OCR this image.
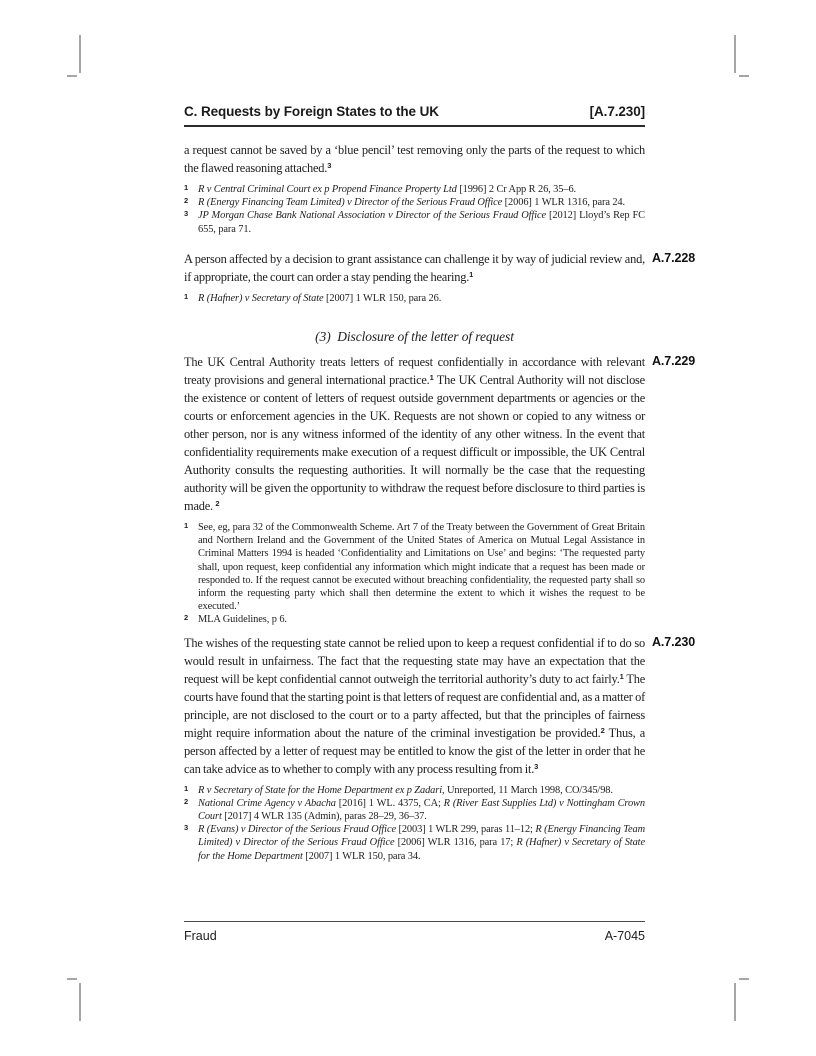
C. Requests by Foreign States to the UK	[A.7.230]

a request cannot be saved by a ‘blue pencil’ test removing only the parts of the request to which the flawed reasoning attached.$^3$

1 R v Central Criminal Court ex p Propend Finance Property Ltd [1996] 2 Cr App R 26, 35–6.
2 R (Energy Financing Team Limited) v Director of the Serious Fraud Office [2006] 1 WLR 1316, para 24.
3 JP Morgan Chase Bank National Association v Director of the Serious Fraud Office [2012] Lloyd’s Rep FC 655, para 71.
A.7.228

A person affected by a decision to grant assistance can challenge it by way of judicial review and, if appropriate, the court can order a stay pending the hearing.$^1$

1 R (Hafner) v Secretary of State [2007] 1 WLR 150, para 26.
(3) Disclosure of the letter of request
A.7.229

The UK Central Authority treats letters of request confidentially in accordance with relevant treaty provisions and general international practice.$^1$ The UK Central Authority will not disclose the existence or content of letters of request outside government departments or agencies or the courts or enforcement agencies in the UK. Requests are not shown or copied to any witness or other person, nor is any witness informed of the identity of any other witness. In the event that confidentiality requirements make execution of a request difficult or impossible, the UK Central Authority consults the requesting authorities. It will normally be the case that the requesting authority will be given the opportunity to withdraw the request before disclosure to third parties is made. $^2$

1 See, eg, para 32 of the Commonwealth Scheme. Art 7 of the Treaty between the Government of Great Britain and Northern Ireland and the Government of the United States of America on Mutual Legal Assistance in Criminal Matters 1994 is headed ‘Confidentiality and Limitations on Use’ and begins: ‘The requested party shall, upon request, keep confidential any information which might indicate that a request has been made or responded to. If the request cannot be executed without breaching confidentiality, the requested party shall so inform the requesting party which shall then determine the extent to which it wishes the request to be executed.’
2 MLA Guidelines, p 6.
A.7.230

The wishes of the requesting state cannot be relied upon to keep a request confidential if to do so would result in unfairness. The fact that the requesting state may have an expectation that the request will be kept confidential cannot outweigh the territorial authority’s duty to act fairly.$^1$ The courts have found that the starting point is that letters of request are confidential and, as a matter of principle, are not disclosed to the court or to a party affected, but that the principles of fairness might require information about the nature of the criminal investigation be provided.$^2$ Thus, a person affected by a letter of request may be entitled to know the gist of the letter in order that he can take advice as to whether to comply with any process resulting from it.$^3$

1 R v Secretary of State for the Home Department ex p Zadari, Unreported, 11 March 1998, CO/345/98.
2 National Crime Agency v Abacha [2016] 1 WL. 4375, CA; R (River East Supplies Ltd) v Nottingham Crown Court [2017] 4 WLR 135 (Admin), paras 28–29, 36–37.
3 R (Evans) v Director of the Serious Fraud Office [2003] 1 WLR 299, paras 11–12; R (Energy Financing Team Limited) v Director of the Serious Fraud Office [2006] WLR 1316, para 17; R (Hafner) v Secretary of State for the Home Department [2007] 1 WLR 150, para 34.
Fraud	A-7045
